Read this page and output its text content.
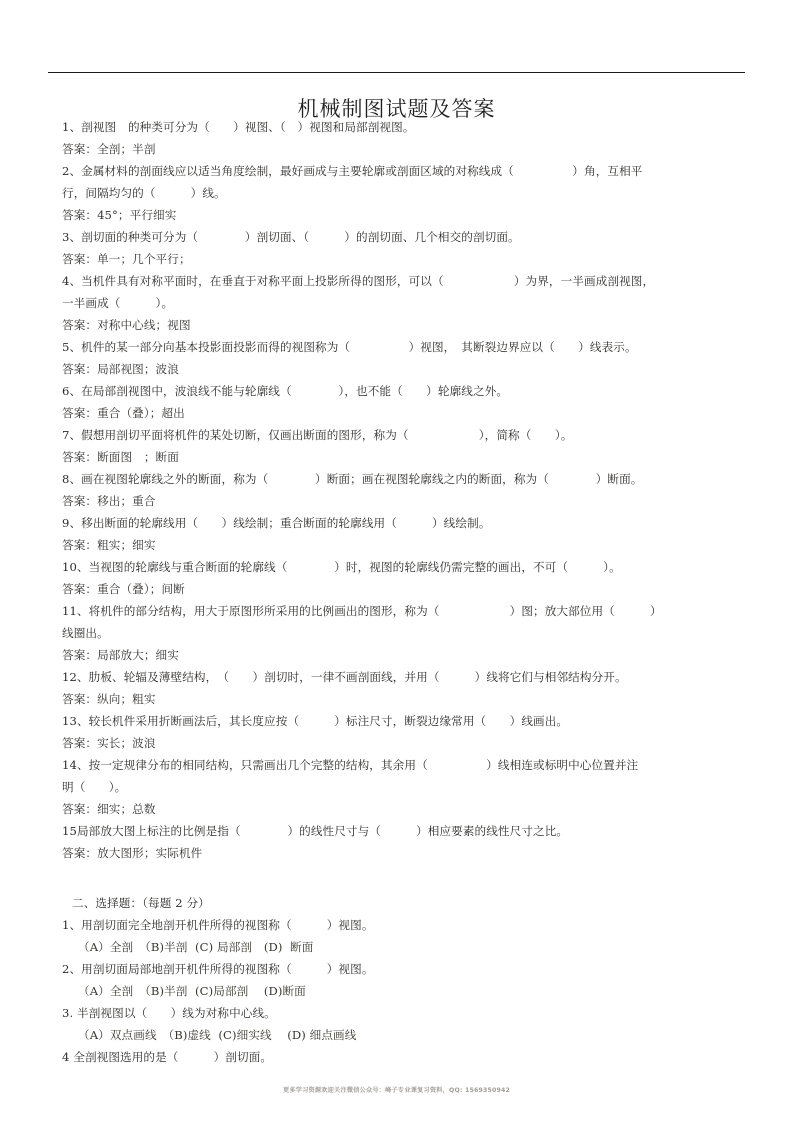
机械制图试题及答案
1、剖视图　的种类可分为（　　）视图、（　）视图和局部剖视图。
答案：全剖；半剖
2、金属材料的剖面线应以适当角度绘制，最好画成与主要轮廓或剖面区域的对称线成（　　　　　）角，互相平
行，间隔均匀的（　　　）线。
答案：45°；平行细实
3、剖切面的种类可分为（　　　　）剖切面、（　　　）的剖切面、几个相交的剖切面。
答案：单一；几个平行；
4、当机件具有对称平面时，在垂直于对称平面上投影所得的图形，可以（　　　　　　）为界，一半画成剖视图，
一半画成（　　　）。
答案：对称中心线；视图
5、机件的某一部分向基本投影面投影而得的视图称为（　　　　　）视图，　其断裂边界应以（　　）线表示。
答案：局部视图；波浪
6、在局部剖视图中，波浪线不能与轮廓线（　　　　），也不能（　　）轮廓线之外。
答案：重合（叠）；超出
7、假想用剖切平面将机件的某处切断，仅画出断面的图形，称为（　　　　　　），简称（　　）。
答案：断面图　；断面
8、画在视图轮廓线之外的断面，称为（　　　　）断面；画在视图轮廓线之内的断面，称为（　　　　）断面。
答案：移出；重合
9、移出断面的轮廓线用（　　）线绘制；重合断面的轮廓线用（　　　）线绘制。
答案：粗实；细实
10、当视图的轮廓线与重合断面的轮廓线（　　　　）时，视图的轮廓线仍需完整的画出，不可（　　　）。
答案：重合（叠）；间断
11、将机件的部分结构，用大于原图形所采用的比例画出的图形，称为（　　　　　　）图；放大部位用（　　　）
线圈出。
答案：局部放大；细实
12、肋板、轮辐及薄壁结构，　（　　）剖切时，一律不画剖面线，并用（　　　）线将它们与相邻结构分开。
答案：纵向；粗实
13、较长机件采用折断画法后，其长度应按（　　　）标注尺寸，断裂边缘常用（　　）线画出。
答案：实长；波浪
14、按一定规律分布的相同结构，只需画出几个完整的结构，其余用（　　　　　）线相连或标明中心位置并注
明（　　）。
答案：细实；总数
15局部放大图上标注的比例是指（　　　　）的线性尺寸与（　　　）相应要素的线性尺寸之比。
答案：放大图形；实际机件
二、选择题：（每题 2 分）
1、用剖切面完全地剖开机件所得的视图称（　　　）视图。
（A）全剖　（B)半剖  (C) 局部剖　(D)  断面
2、用剖切面局部地剖开机件所得的视图称（　　　）视图。
（A）全剖　（B)半剖  (C)局部剖　 (D)断面
3. 半剖视图以（　　）线为对称中心线。
（A）双点画线　（B)虚线  (C)细实线　 (D) 细点画线
4 全剖视图选用的是（　　　）剖切面。
更多学习资源欢迎关注微信公众号：峰子专业课复习资料，QQ: 1569350942
